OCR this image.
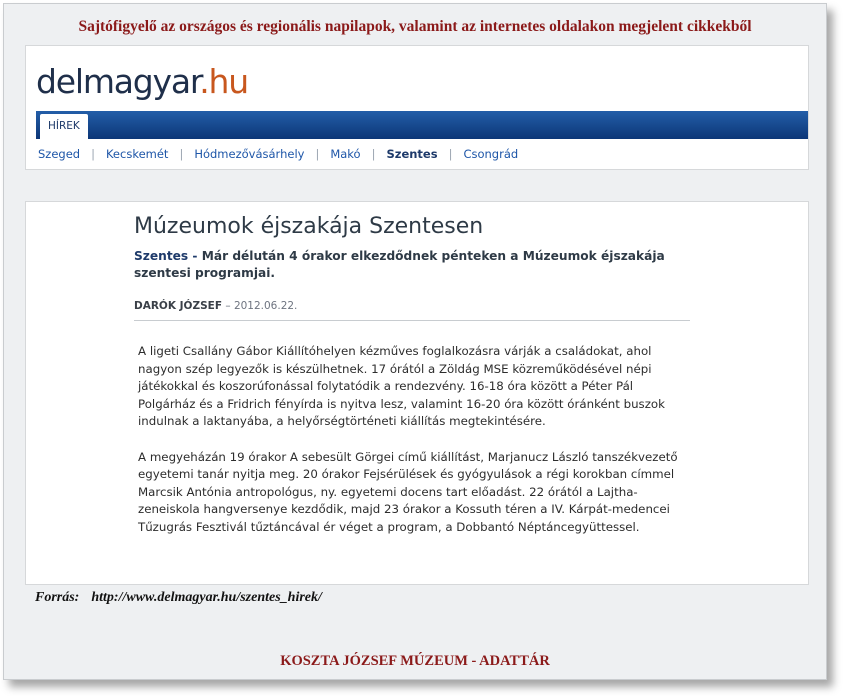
Sajtófigyelő az országos és regionális napilapok, valamint az internetes oldalakon megjelent cikkekből
delmagyar.hu
HÍREK
Szeged | Kecskemét | Hódmezővásárhely | Makó | Szentes | Csongrád
Múzeumok éjszakája Szentesen
Szentes - Már délután 4 órakor elkezdődnek pénteken a Múzeumok éjszakája szentesi programjai.
DARÓK JÓZSEF – 2012.06.22.

A ligeti Csallány Gábor Kiállítóhelyen kézműves foglalkozásra várják a családokat, ahol nagyon szép legyezők is készülhetnek. 17 órától a Zöldág MSE közreműködésével népi játékokkal és koszorúfonással folytatódik a rendezvény. 16-18 óra között a Péter Pál Polgárház és a Fridrich fényírda is nyitva lesz, valamint 16-20 óra között óránként buszok indulnak a laktanyába, a helyőrségtörténeti kiállítás megtekintésére.

A megyeházán 19 órakor A sebesült Görgei című kiállítást, Marjanucz László tanszékvezető egyetemi tanár nyitja meg. 20 órakor Fejsérülések és gyógyulások a régi korokban címmel Marcsik Antónia antropológus, ny. egyetemi docens tart előadást. 22 órától a Lajtha-zeneiskola hangversenye kezdődik, majd 23 órakor a Kossuth téren a IV. Kárpát-medencei Tűzugrás Fesztivál tűztáncával ér véget a program, a Dobbantó Néptáncegyüttessel.

Forrás: http://www.delmagyar.hu/szentes_hirek/
KOSZTA JÓZSEF MÚZEUM - ADATTÁR
